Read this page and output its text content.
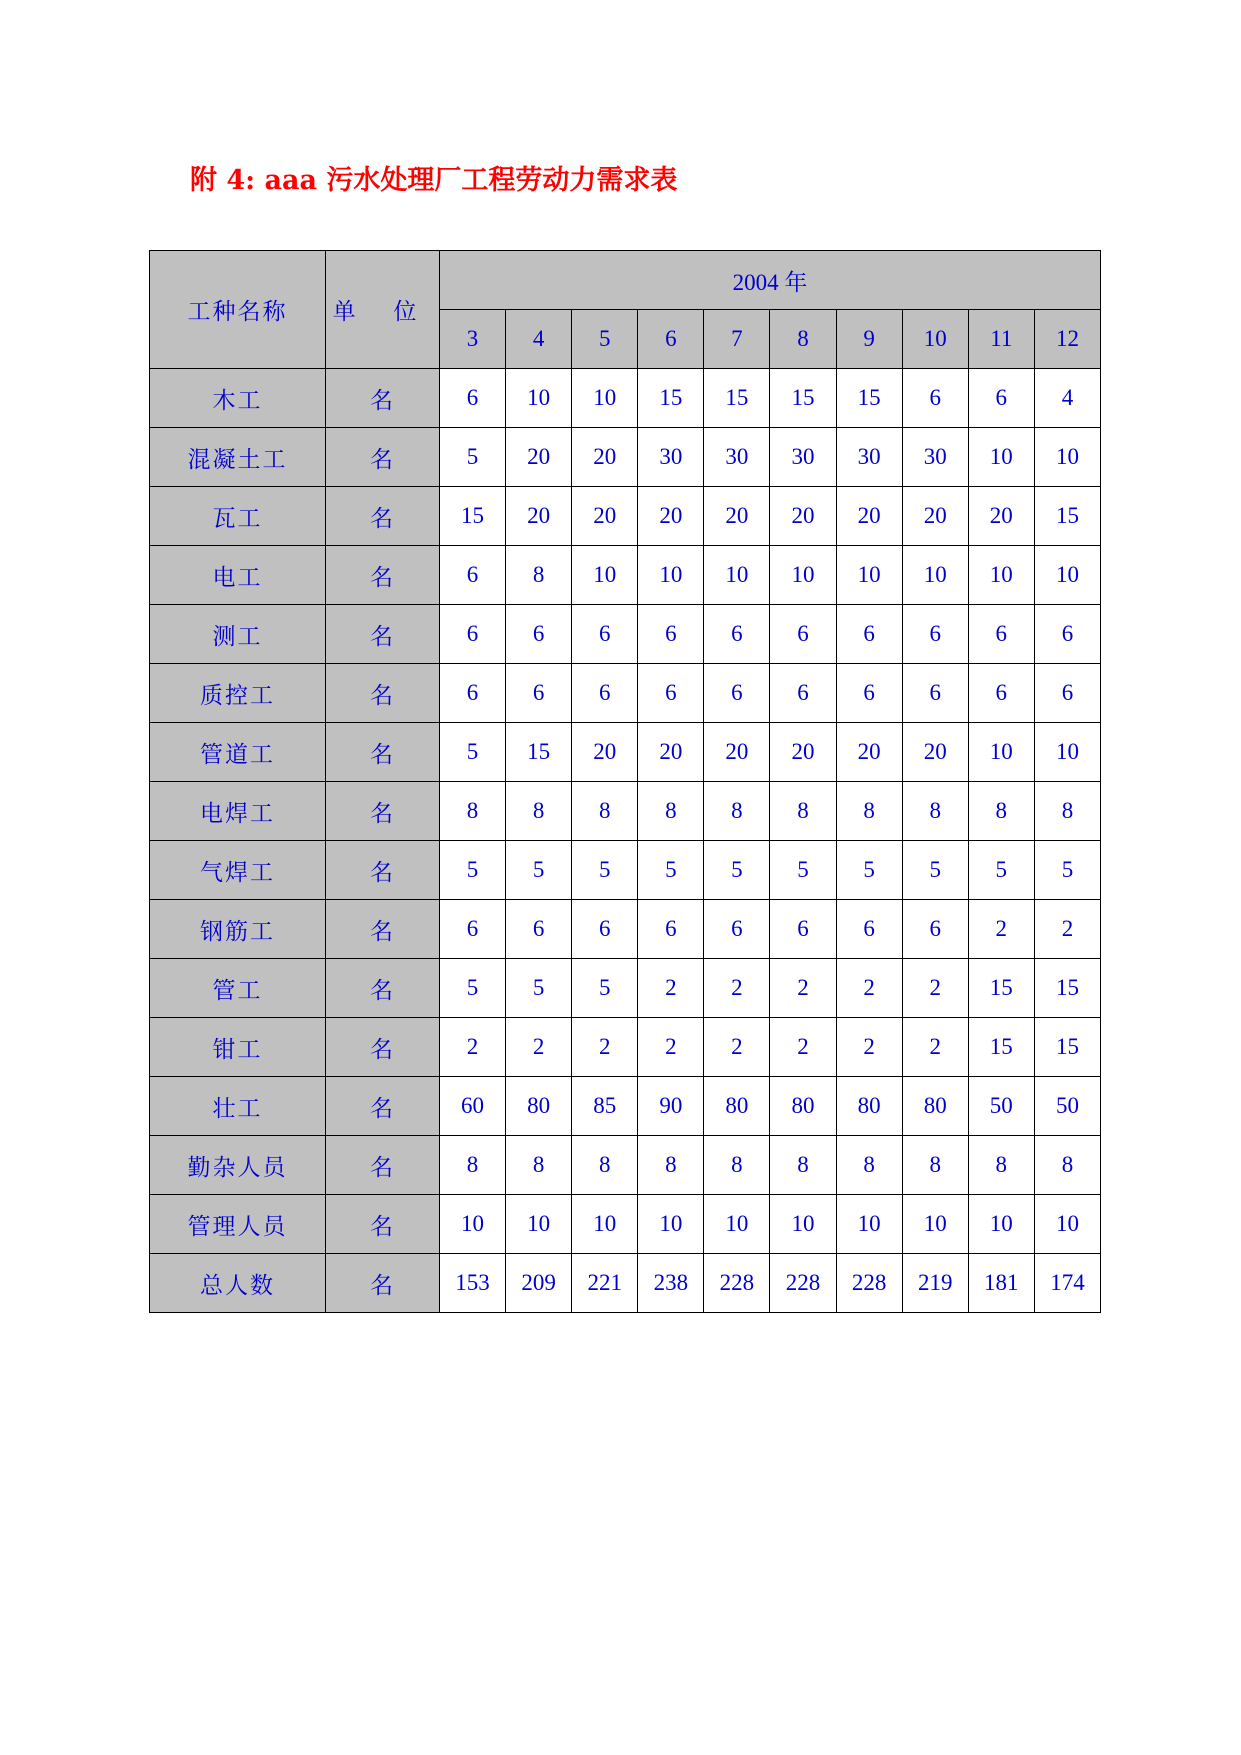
附 4: aaa 污水处理厂工程劳动力需求表
工种名称	单 位	2004 年									
		3	4	5	6	7	8	9	10	11	12
木工	名	6	10	10	15	15	15	15	6	6	4
混凝土工	名	5	20	20	30	30	30	30	30	10	10
瓦工	名	15	20	20	20	20	20	20	20	20	15
电工	名	6	8	10	10	10	10	10	10	10	10
测工	名	6	6	6	6	6	6	6	6	6	6
质控工	名	6	6	6	6	6	6	6	6	6	6
管道工	名	5	15	20	20	20	20	20	20	10	10
电焊工	名	8	8	8	8	8	8	8	8	8	8
气焊工	名	5	5	5	5	5	5	5	5	5	5
钢筋工	名	6	6	6	6	6	6	6	6	2	2
管工	名	5	5	5	2	2	2	2	2	15	15
钳工	名	2	2	2	2	2	2	2	2	15	15
壮工	名	60	80	85	90	80	80	80	80	50	50
勤杂人员	名	8	8	8	8	8	8	8	8	8	8
管理人员	名	10	10	10	10	10	10	10	10	10	10
总人数	名	153	209	221	238	228	228	228	219	181	174
